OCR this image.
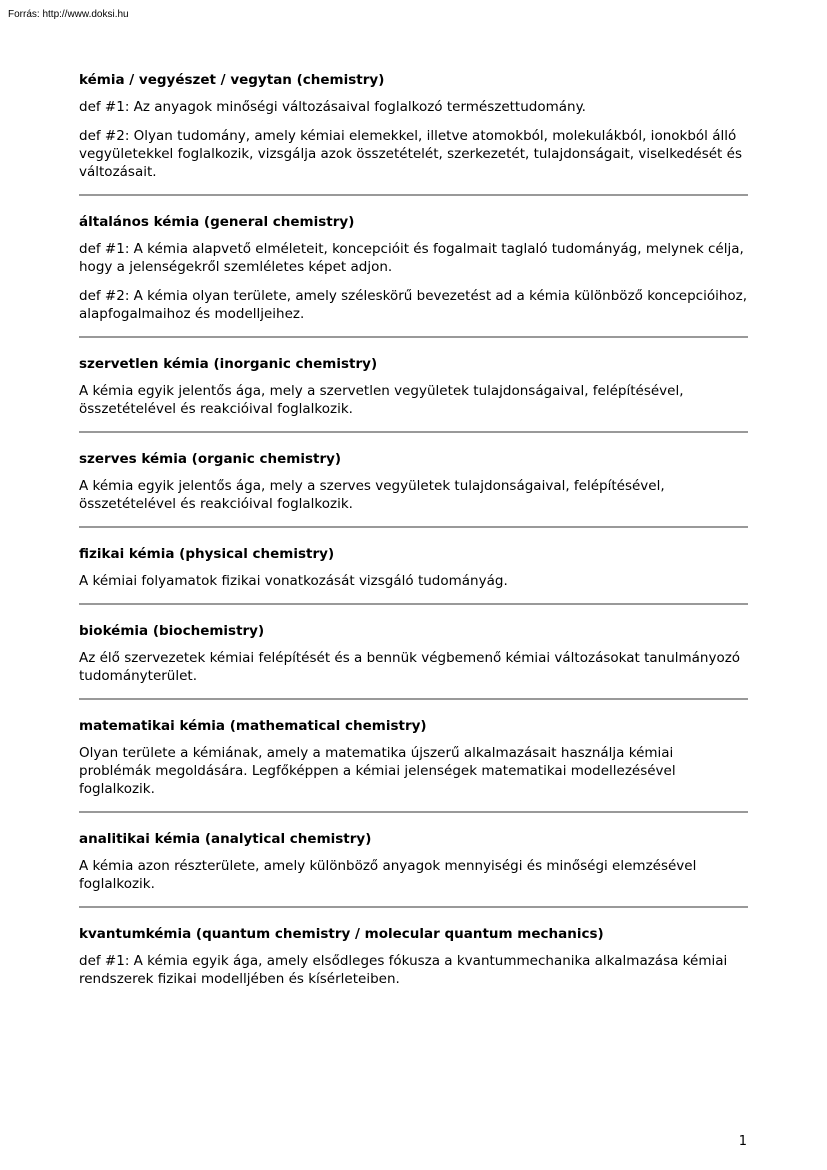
Forrás: http://www.doksi.hu
kémia / vegyészet / vegytan (chemistry)
def #1: Az anyagok minőségi változásaival foglalkozó természettudomány.
def #2: Olyan tudomány, amely kémiai elemekkel, illetve atomokból, molekulákból, ionokból álló vegyületekkel foglalkozik, vizsgálja azok összetételét, szerkezetét, tulajdonságait, viselkedését és változásait.
általános kémia (general chemistry)
def #1: A kémia alapvető elméleteit, koncepcióit és fogalmait taglaló tudományág, melynek célja, hogy a jelenségekről szemléletes képet adjon.
def #2: A kémia olyan területe, amely széleskörű bevezetést ad a kémia különböző koncepcióihoz, alapfogalmaihoz és modelljeihez.
szervetlen kémia (inorganic chemistry)
A kémia egyik jelentős ága, mely a szervetlen vegyületek tulajdonságaival, felépítésével, összetételével és reakcióival foglalkozik.
szerves kémia (organic chemistry)
A kémia egyik jelentős ága, mely a szerves vegyületek tulajdonságaival, felépítésével, összetételével és reakcióival foglalkozik.
fizikai kémia (physical chemistry)
A kémiai folyamatok fizikai vonatkozását vizsgáló tudományág.
biokémia (biochemistry)
Az élő szervezetek kémiai felépítését és a bennük végbemenő kémiai változásokat tanulmányozó tudományterület.
matematikai kémia (mathematical chemistry)
Olyan területe a kémiának, amely a matematika újszerű alkalmazásait használja kémiai problémák megoldására. Legfőképpen a kémiai jelenségek matematikai modellezésével foglalkozik.
analitikai kémia (analytical chemistry)
A kémia azon részterülete, amely különböző anyagok mennyiségi és minőségi elemzésével foglalkozik.
kvantumkémia (quantum chemistry / molecular quantum mechanics)
def #1: A kémia egyik ága, amely elsődleges fókusza a kvantummechanika alkalmazása kémiai rendszerek fizikai modelljében és kísérleteiben.
1
